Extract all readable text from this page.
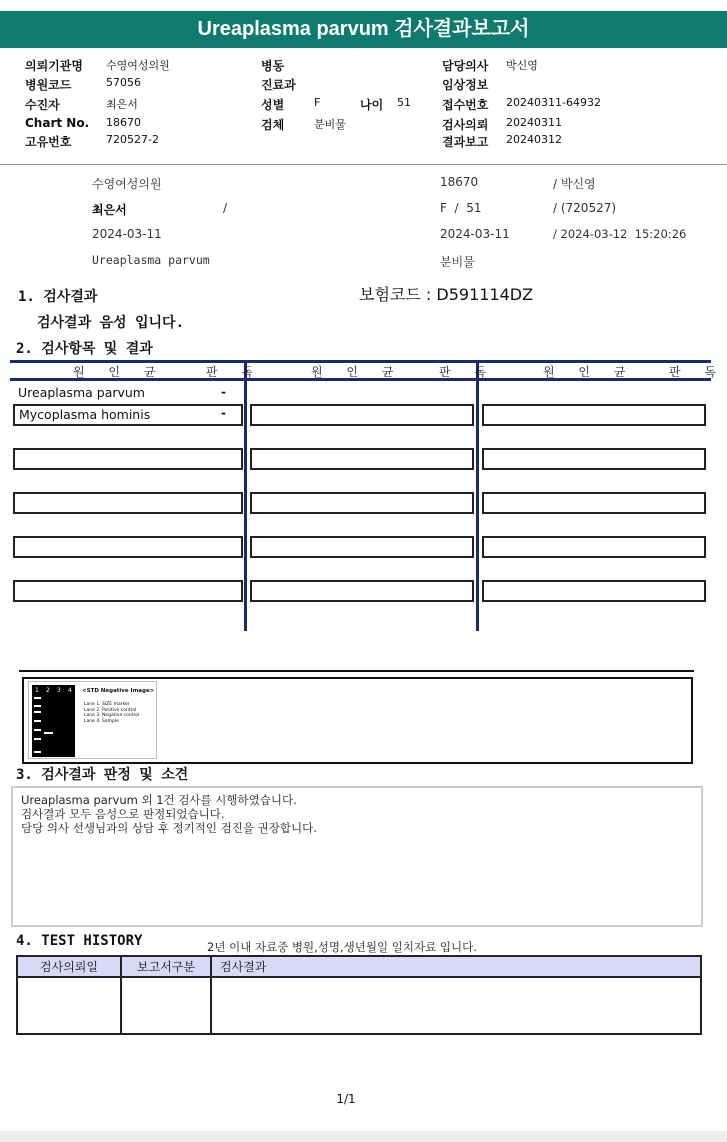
Ureaplasma parvum 검사결과보고서
의뢰기관명 수영여성의원
병원코드	57056
수진자	최은서
Chart No. 18670
고유번호	720527-2
병동
진료과
성별	F	나이 51
검체	분비물
담당의사 박신영
임상정보
접수번호 20240311-64932
검사의뢰 20240311
결과보고 20240312
수영여성의원	18670	/ 박신영
최은서	/	F  /  51	/ (720527)
2024-03-11	2024-03-11	/ 2024-03-12  15:20:26
Ureaplasma parvum	분비물
1. 검사결과
검사결과 음성 입니다.
보험코드 : D591114DZ
2. 검사항목 및 결과
원 인 균	판 독	원 인 균	판 독	원 인 균	판 독
Ureaplasma parvum	-
Mycoplasma hominis	-
1 2 3 4 <STD Negative Image>
Lane 1. SIZE marker
Lane 2. Positive control
Lane 3. Negative control
Lane 4. Sample
3. 검사결과 판정 및 소견
Ureaplasma parvum 외 1건 검사를 시행하였습니다.
검사결과 모두 음성으로 판정되었습니다.
담당 의사 선생님과의 상담 후 정기적인 검진을 권장합니다.
4. TEST HISTORY	2년 이내 자료중 병원,성명,생년월일 일치자료 입니다.
검사의뢰일	보고서구분	검사결과

1/1
